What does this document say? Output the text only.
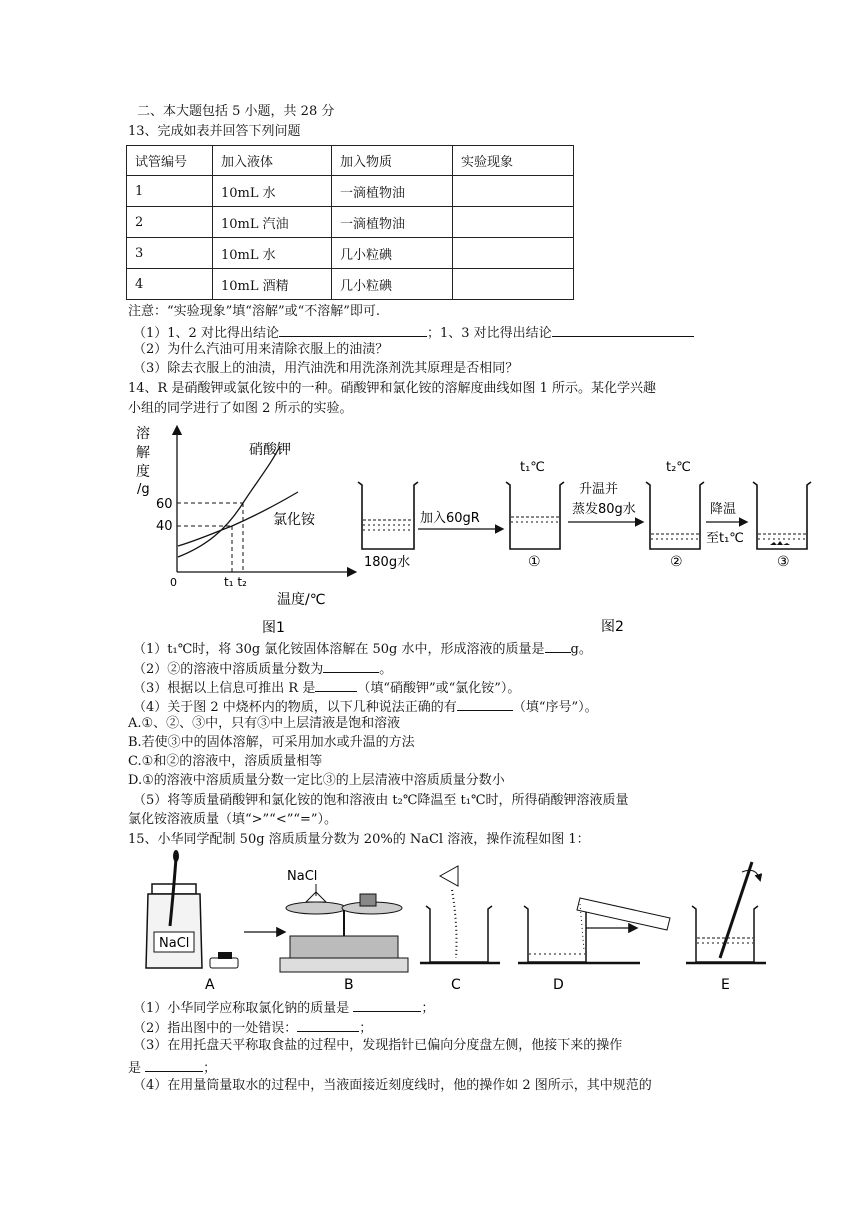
二、本大题包括 5 小题，共 28 分
13、完成如表并回答下列问题
试管编号	加入液体	加入物质	实验现象
1	10mL 水	一滴植物油	
2	10mL 汽油	一滴植物油	
3	10mL 水	几小粒碘	
4	10mL 酒精	几小粒碘	
注意：“实验现象”填“溶解”或“不溶解”即可.
（1）1、2 对比得出结论	；1、3 对比得出结论
（2）为什么汽油可用来清除衣服上的油渍？
（3）除去衣服上的油渍，用汽油洗和用洗涤剂洗其原理是否相同？
14、R 是硝酸钾或氯化铵中的一种。硝酸钾和氯化铵的溶解度曲线如图 1 所示。某化学兴趣
小组的同学进行了如图 2 所示的实验。
溶
解
度
/g
60
40
0
硝酸钾
氯化铵
t₁ t₂
温度/℃
图1
180g水
加入60gR
t₁℃
①
升温并
蒸发80g水
t₂℃
②
降温
至t₁℃
③
图2
（1）t₁℃时，将 30g 氯化铵固体溶解在 50g 水中，形成溶液的质量是 g。
（2）②的溶液中溶质质量分数为	。
（3）根据以上信息可推出 R 是	（填“硝酸钾”或“氯化铵”）。
（4）关于图 2 中烧杯内的物质，以下几种说法正确的有	（填“序号”）。
A.①、②、③中，只有③中上层清液是饱和溶液
B.若使③中的固体溶解，可采用加水或升温的方法
C.①和②的溶液中，溶质质量相等
D.①的溶液中溶质质量分数一定比③的上层清液中溶质质量分数小
（5）将等质量硝酸钾和氯化铵的饱和溶液由 t₂℃降温至 t₁℃时，所得硝酸钾溶液质量
氯化铵溶液质量（填“>”“<”“=”）。
15、小华同学配制 50g 溶质质量分数为 20%的 NaCl 溶液，操作流程如图 1：
NaCl
A
NaCl
B	C	D	E
（1）小华同学应称取氯化钠的质量是	；
（2）指出图中的一处错误：	；
（3）在用托盘天平称取食盐的过程中，发现指针已偏向分度盘左侧，他接下来的操作
是	；
（4）在用量筒量取水的过程中，当液面接近刻度线时，他的操作如 2 图所示，其中规范的
